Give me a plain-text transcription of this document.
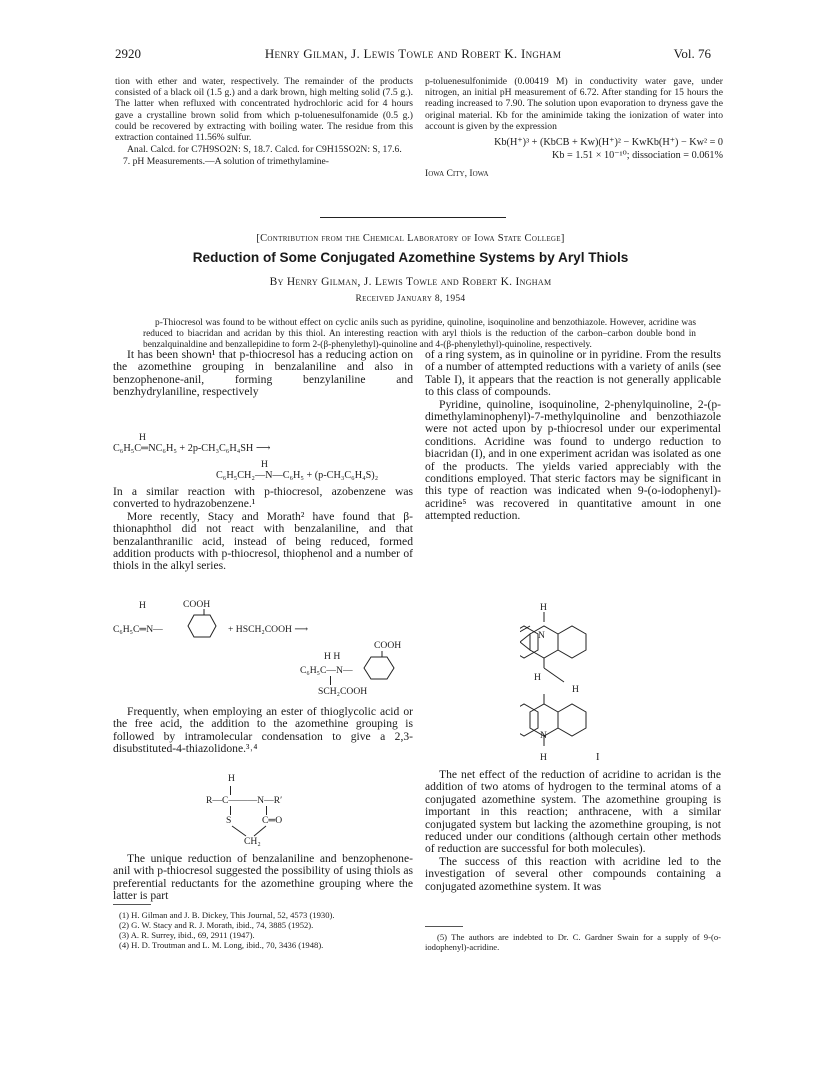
2920	Henry Gilman, J. Lewis Towle and Robert K. Ingham	Vol. 76

tion with ether and water, respectively. The remainder of the products consisted of a black oil (1.5 g.) and a dark brown, high melting solid (7.5 g.). The latter when refluxed with concentrated hydrochloric acid for 4 hours gave a crystalline brown solid from which p-toluenesulfonamide (0.5 g.) could be recovered by extracting with boiling water. The residue from this extraction contained 11.56% sulfur.

Anal. Calcd. for C7H9SO2N: S, 18.7. Calcd. for C9H15SO2N: S, 17.6.

7. pH Measurements.—A solution of trimethylamine-

p-toluenesulfonimide (0.00419 M) in conductivity water gave, under nitrogen, an initial pH measurement of 6.72. After standing for 15 hours the reading increased to 7.90. The solution upon evaporation to dryness gave the original material. Kb for the aminimide taking the ionization of water into account is given by the expression

Kb(H⁺)³ + (KbCB + Kw)(H⁺)² − KwKb(H⁺) − Kw² = 0
Kb = 1.51 × 10⁻¹⁰; dissociation = 0.061%
Iowa City, Iowa
[Contribution from the Chemical Laboratory of Iowa State College]
Reduction of Some Conjugated Azomethine Systems by Aryl Thiols
By Henry Gilman, J. Lewis Towle and Robert K. Ingham
Received January 8, 1954
p-Thiocresol was found to be without effect on cyclic anils such as pyridine, quinoline, isoquinoline and benzothiazole. However, acridine was reduced to biacridan and acridan by this thiol. An interesting reaction with aryl thiols is the reduction of the carbon–carbon double bond in benzalquinaldine and benzallepidine to form 2-(β-phenylethyl)-quinoline and 4-(β-phenylethyl)-quinoline, respectively.

It has been shown¹ that p-thiocresol has a reducing action on the azomethine grouping in benzalaniline and also in benzophenone-anil, forming benzylaniline and benzhydrylaniline, respectively

H
C₆H₅C═NC₆H₅ + 2p-CH₃C₆H₄SH ⟶
H
C₆H₅CH₂—N—C₆H₅ + (p-CH₃C₆H₄S)₂

In a similar reaction with p-thiocresol, azobenzene was converted to hydrazobenzene.¹

More recently, Stacy and Morath² have found that β-thionaphthol did not react with benzalaniline, and that benzalanthranilic acid, instead of being reduced, formed addition products with p-thiocresol, thiophenol and a number of thiols in the alkyl series.

H	COOH
C₆H₅C═N—	+ HSCH₂COOH ⟶
H H
COOH
C₆H₅C—N—
SCH₂COOH

Frequently, when employing an ester of thioglycolic acid or the free acid, the addition to the azomethine grouping is followed by intramolecular condensation to give a 2,3-disubstituted-4-thiazolidone.³˒⁴

H
R—C———N—R′
S	C═O
CH₂

The unique reduction of benzalaniline and benzophenone-anil with p-thiocresol suggested the possibility of using thiols as preferential reductants for the azomethine grouping where the latter is part

(1) H. Gilman and J. B. Dickey, This Journal, 52, 4573 (1930).
(2) G. W. Stacy and R. J. Morath, ibid., 74, 3885 (1952).
(3) A. R. Surrey, ibid., 69, 2911 (1947).
(4) H. D. Troutman and L. M. Long, ibid., 70, 3436 (1948).

of a ring system, as in quinoline or in pyridine. From the results of a number of attempted reductions with a variety of anils (see Table I), it appears that the reaction is not generally applicable to this class of compounds.

Pyridine, quinoline, isoquinoline, 2-phenylquinoline, 2-(p-dimethylaminophenyl)-7-methylquinoline and benzothiazole were not acted upon by p-thiocresol under our experimental conditions. Acridine was found to undergo reduction to biacridan (I), and in one experiment acridan was isolated as one of the products. The yields varied appreciably with the conditions employed. That steric factors may be significant in this type of reaction was indicated when 9-(o-iodophenyl)-acridine⁵ was recovered in quantitative amount in one attempted reduction.

H
N
H
H
N
H	I

The net effect of the reduction of acridine to acridan is the addition of two atoms of hydrogen to the terminal atoms of a conjugated azomethine system. The azomethine grouping is important in this reaction; anthracene, with a similar conjugated system but lacking the azomethine grouping, is not reduced under our conditions (although certain other methods of reduction are successful for both molecules).

The success of this reaction with acridine led to the investigation of several other compounds containing a conjugated azomethine system. It was

(5) The authors are indebted to Dr. C. Gardner Swain for a supply of 9-(o-iodophenyl)-acridine.
